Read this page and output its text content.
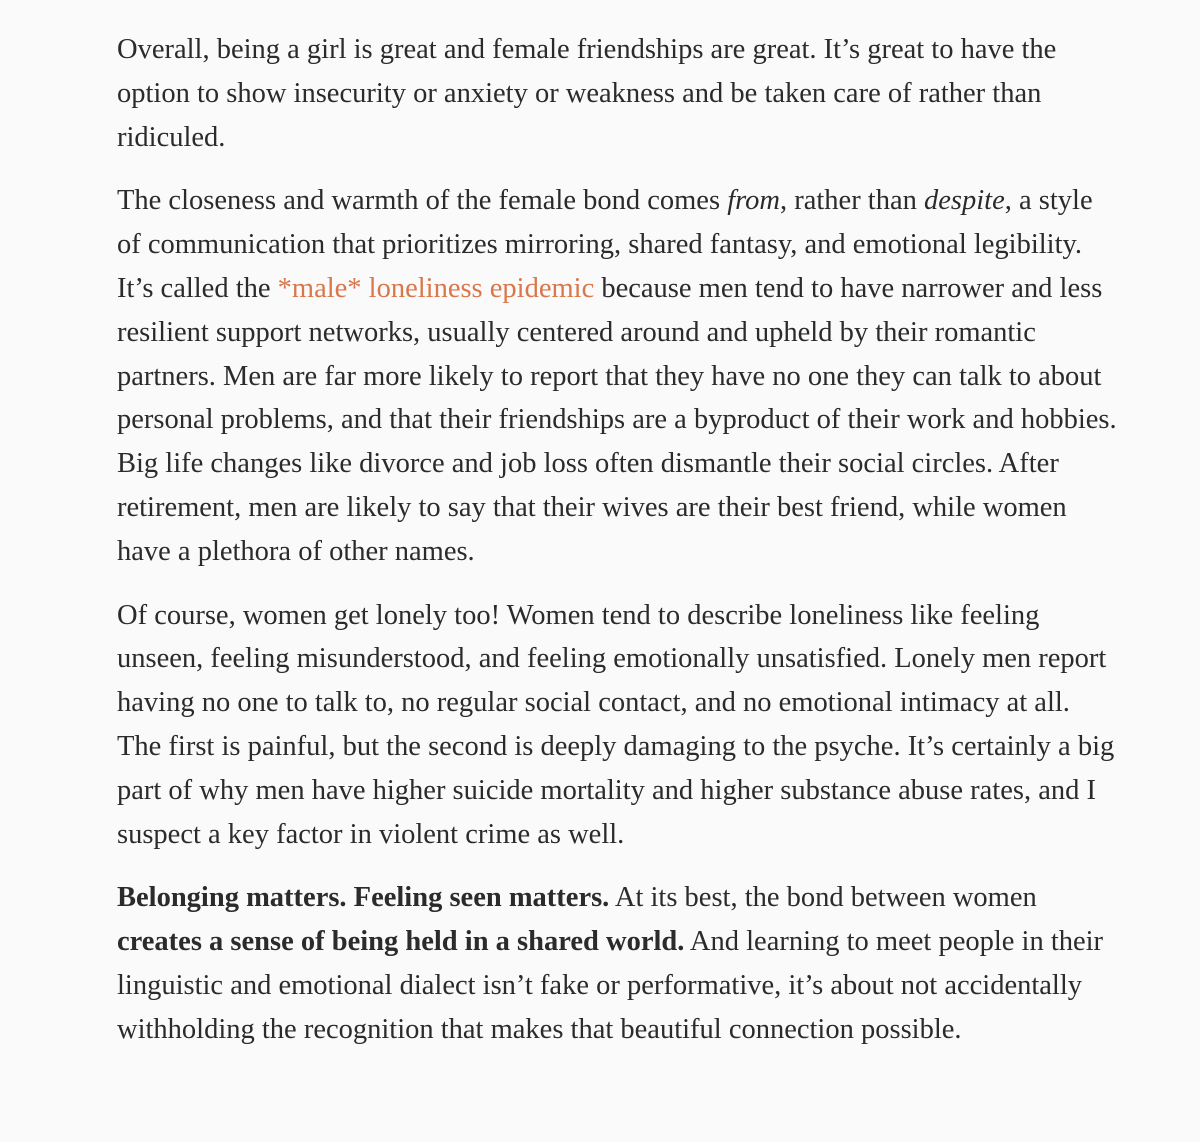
Overall, being a girl is great and female friendships are great. It’s great to have the option to show insecurity or anxiety or weakness and be taken care of rather than ridiculed.

The closeness and warmth of the female bond comes from, rather than despite, a style of communication that prioritizes mirroring, shared fantasy, and emotional legibility. It’s called the *male* loneliness epidemic because men tend to have narrower and less resilient support networks, usually centered around and upheld by their romantic partners. Men are far more likely to report that they have no one they can talk to about personal problems, and that their friendships are a byproduct of their work and hobbies. Big life changes like divorce and job loss often dismantle their social circles. After retirement, men are likely to say that their wives are their best friend, while women have a plethora of other names.

Of course, women get lonely too! Women tend to describe loneliness like feeling unseen, feeling misunderstood, and feeling emotionally unsatisfied. Lonely men report having no one to talk to, no regular social contact, and no emotional intimacy at all. The first is painful, but the second is deeply damaging to the psyche. It’s certainly a big part of why men have higher suicide mortality and higher substance abuse rates, and I suspect a key factor in violent crime as well.

Belonging matters. Feeling seen matters. At its best, the bond between women creates a sense of being held in a shared world. And learning to meet people in their linguistic and emotional dialect isn’t fake or performative, it’s about not accidentally withholding the recognition that makes that beautiful connection possible.
